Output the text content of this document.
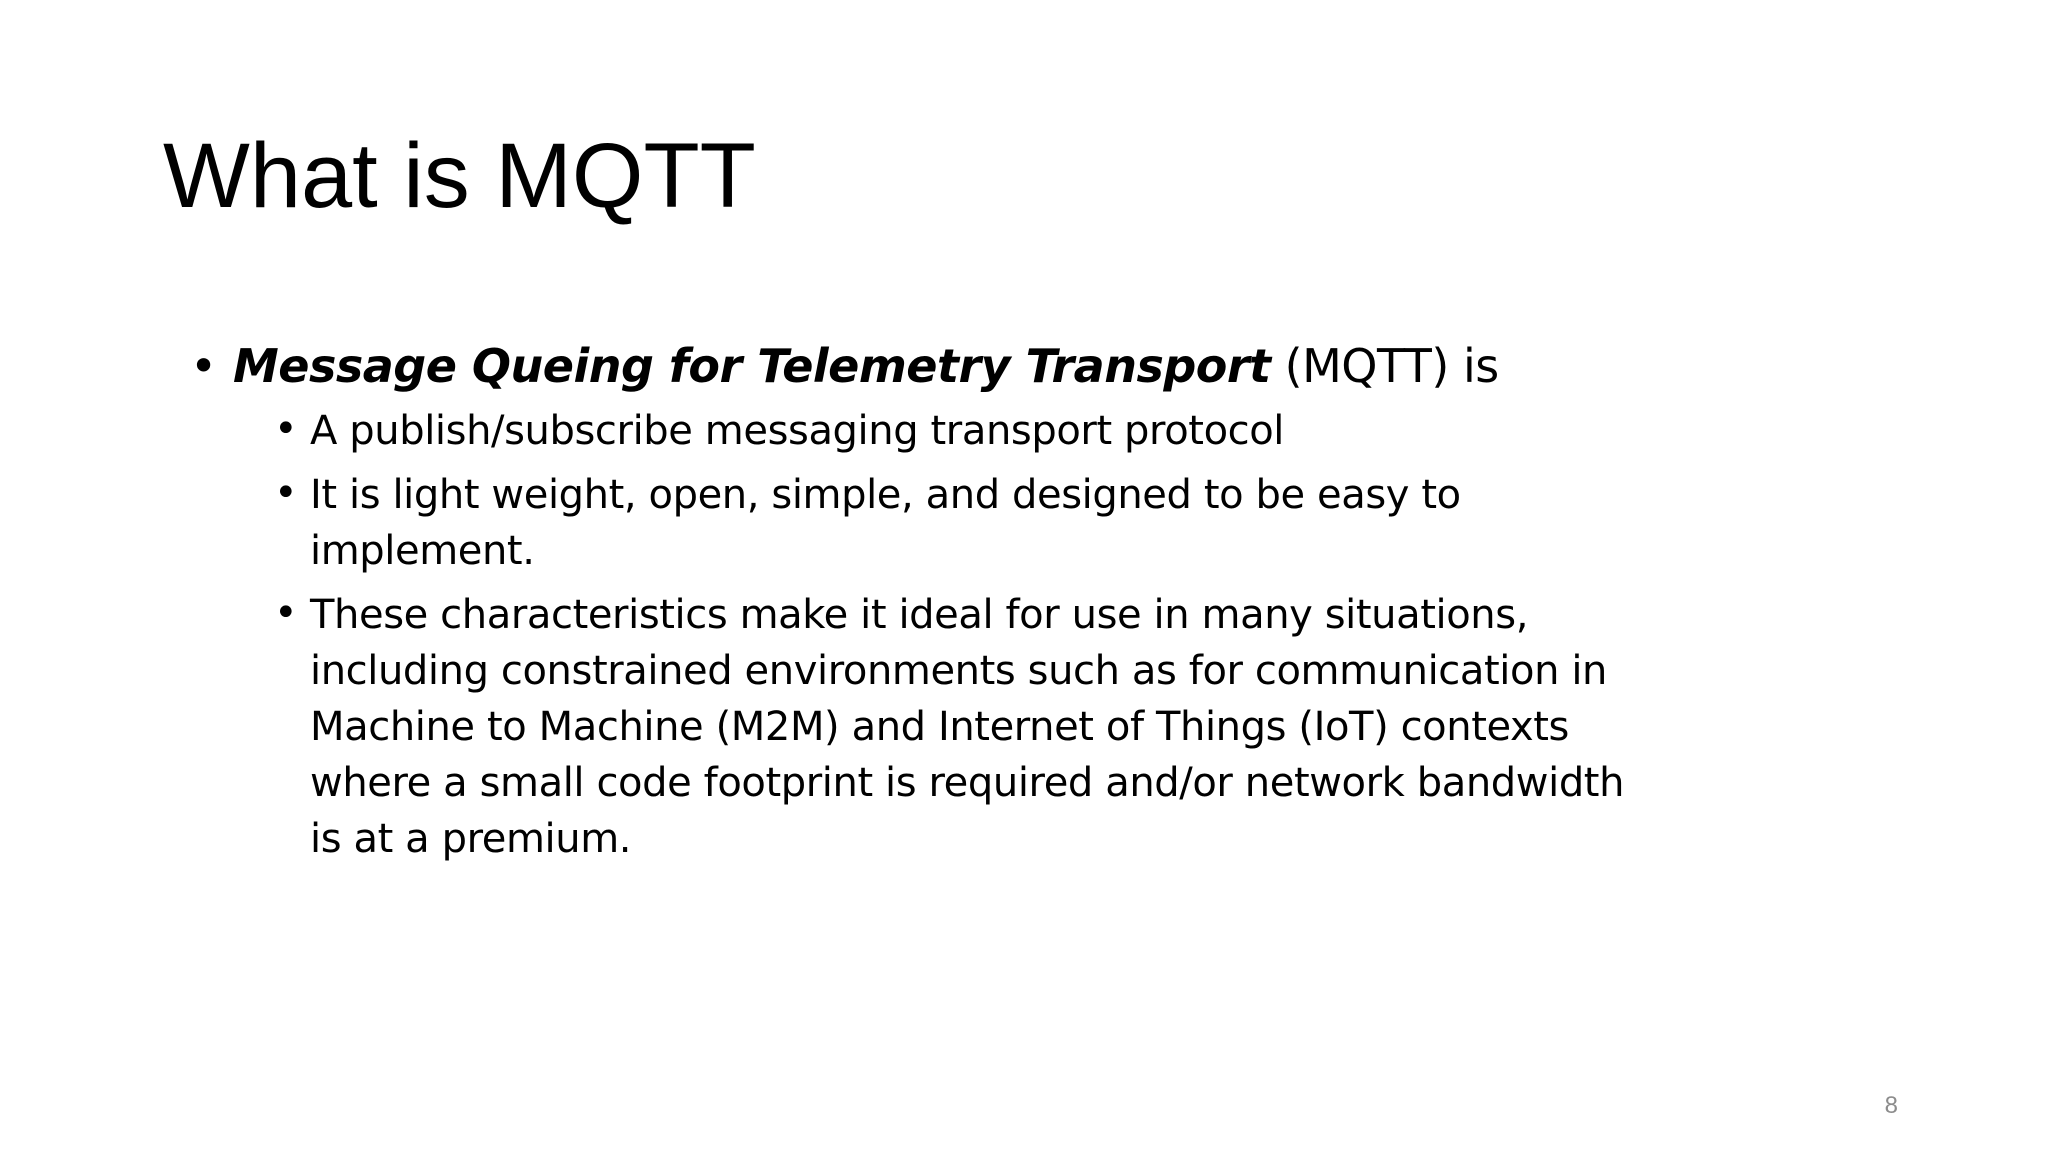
What is MQTT
• Message Queing for Telemetry Transport (MQTT) is
• A publish/subscribe messaging transport protocol
• It is light weight, open, simple, and designed to be easy to implement.
• These characteristics make it ideal for use in many situations, including constrained environments such as for communication in Machine to Machine (M2M) and Internet of Things (IoT) contexts where a small code footprint is required and/or network bandwidth is at a premium.
8
